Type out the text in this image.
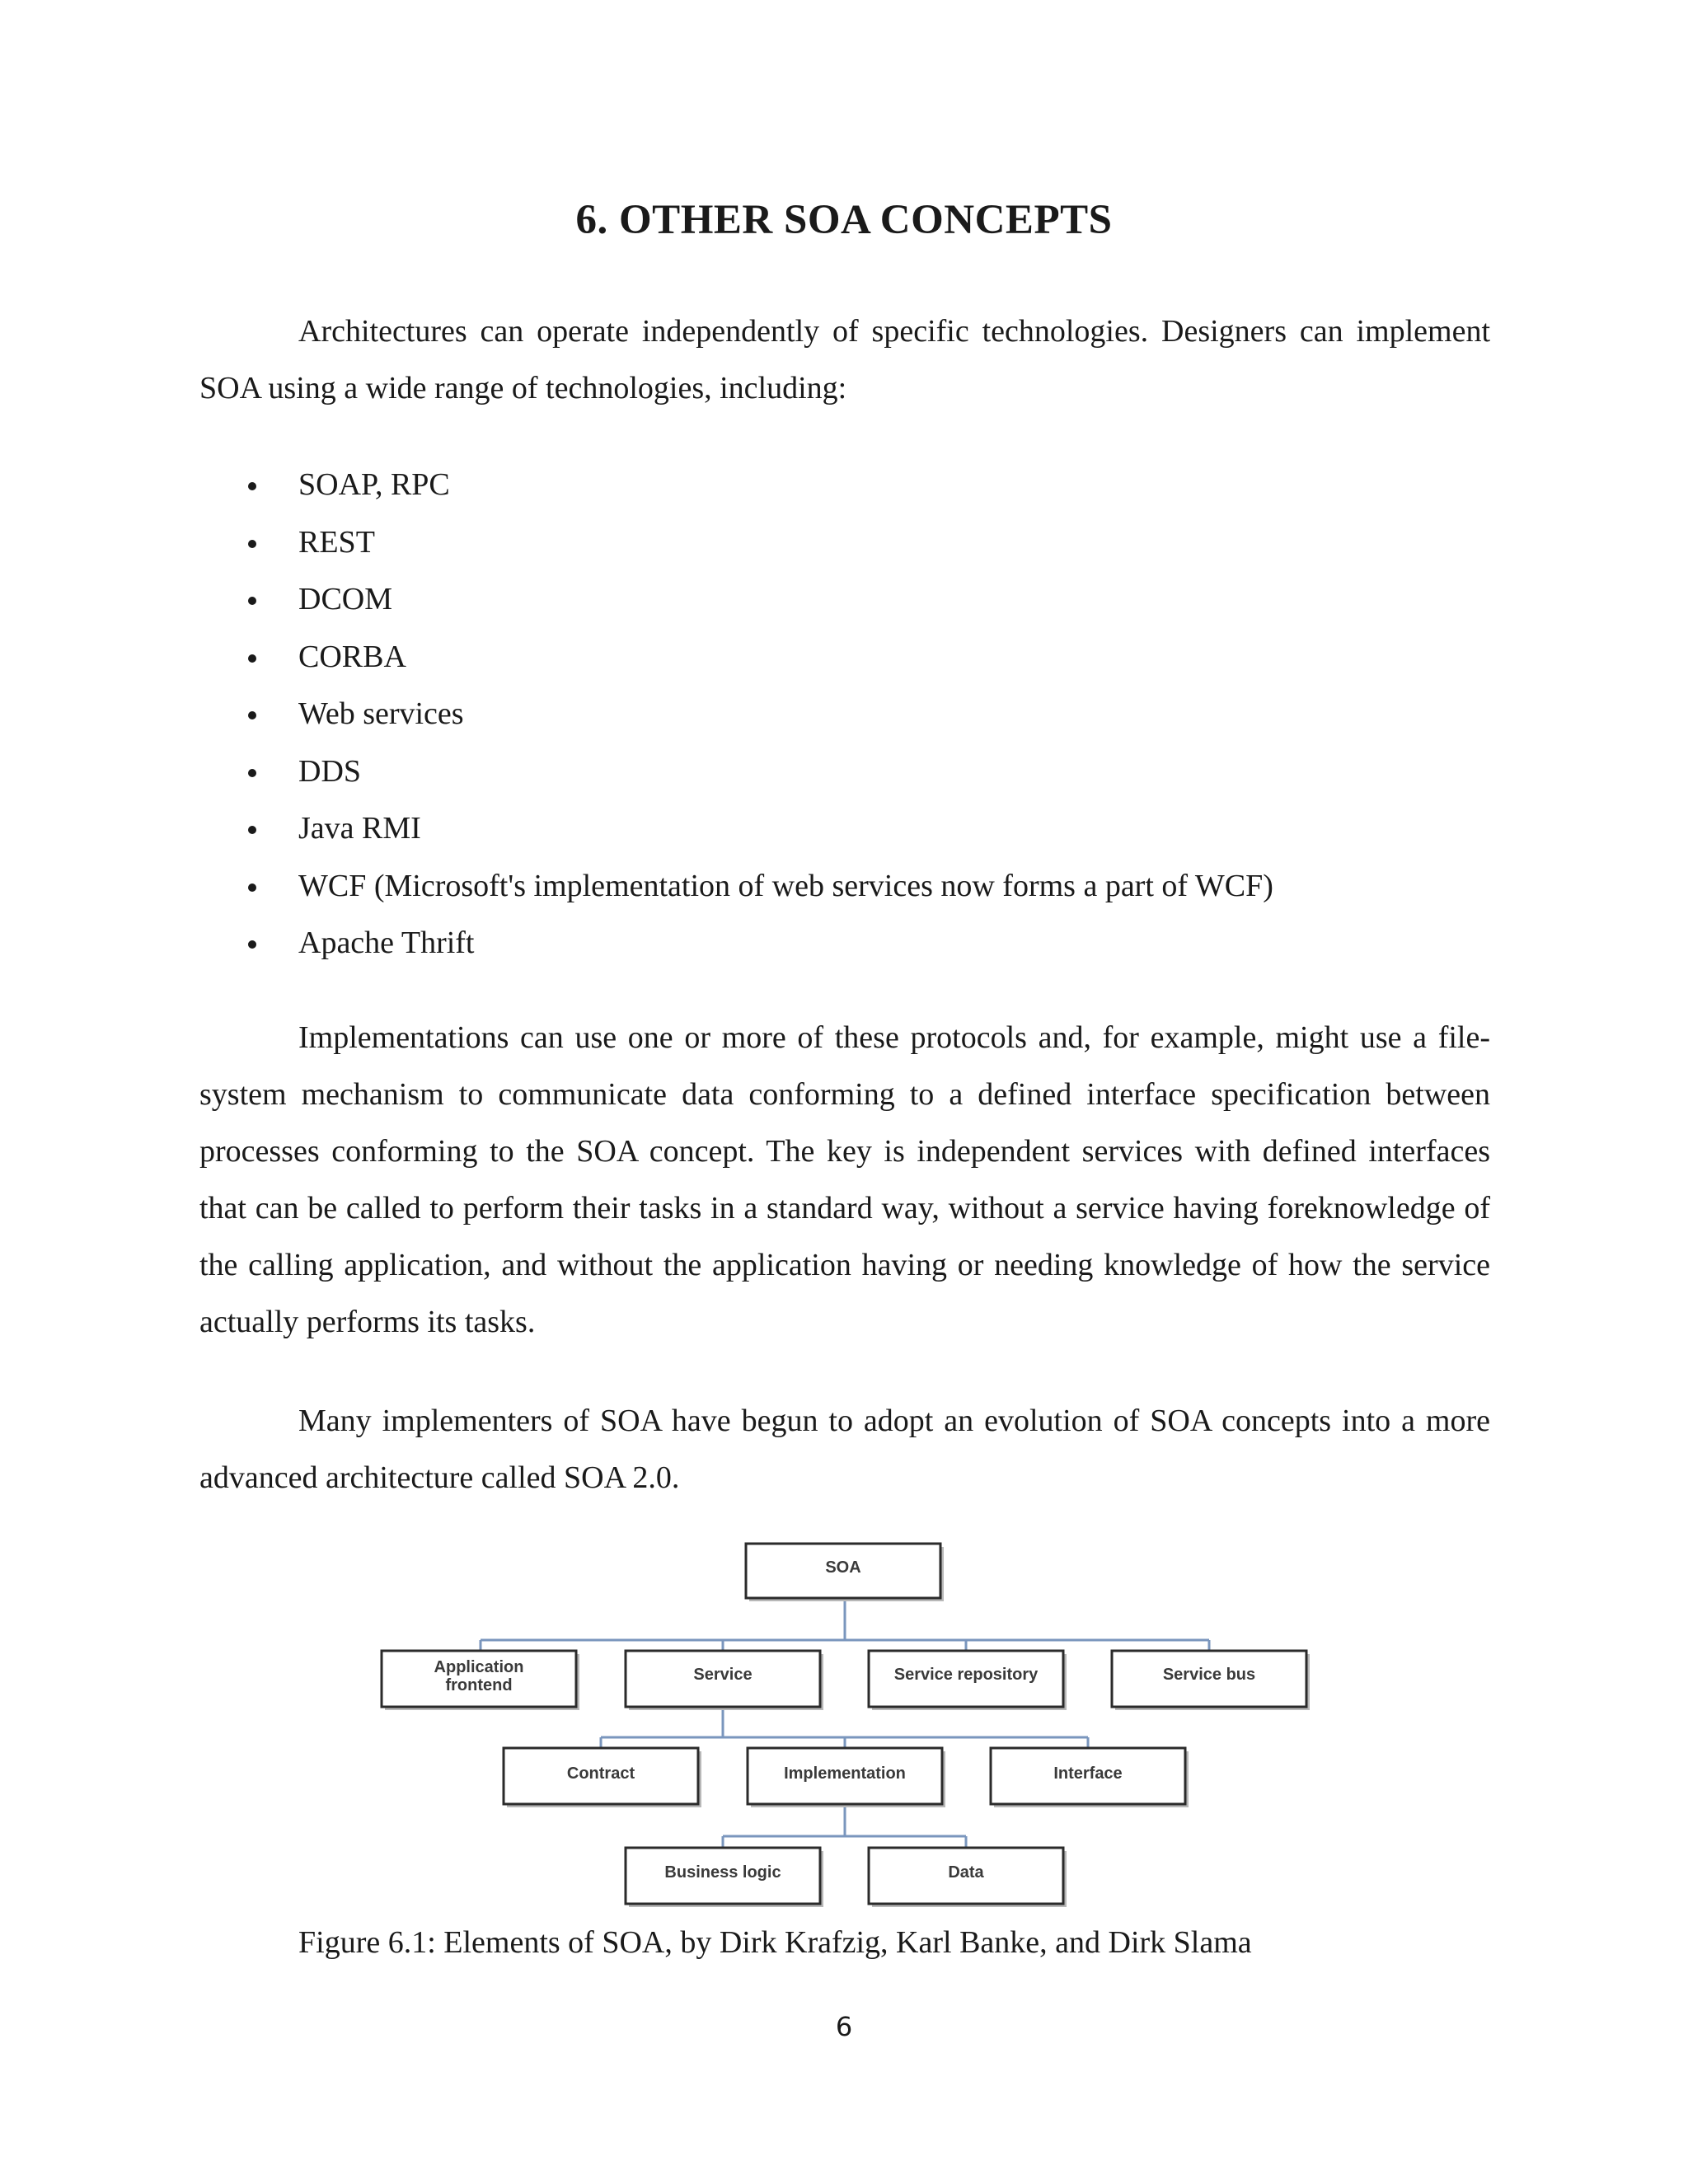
6. OTHER SOA CONCEPTS

Architectures can operate independently of specific technologies. Designers can implement SOA using a wide range of technologies, including:

SOAP, RPC
REST
DCOM
CORBA
Web services
DDS
Java RMI
WCF (Microsoft's implementation of web services now forms a part of WCF)
Apache Thrift

Implementations can use one or more of these protocols and, for example, might use a file-system mechanism to communicate data conforming to a defined interface specification between processes conforming to the SOA concept. The key is independent services with defined interfaces that can be called to perform their tasks in a standard way, without a service having foreknowledge of the calling application, and without the application having or needing knowledge of how the service actually performs its tasks.

Many implementers of SOA have begun to adopt an evolution of SOA concepts into a more advanced architecture called SOA 2.0.

SOA
Application
frontend
Service	Service repository	Service bus
Contract	Implementation	Interface
Business logic	Data

Figure 6.1: Elements of SOA, by Dirk Krafzig, Karl Banke, and Dirk Slama

6
